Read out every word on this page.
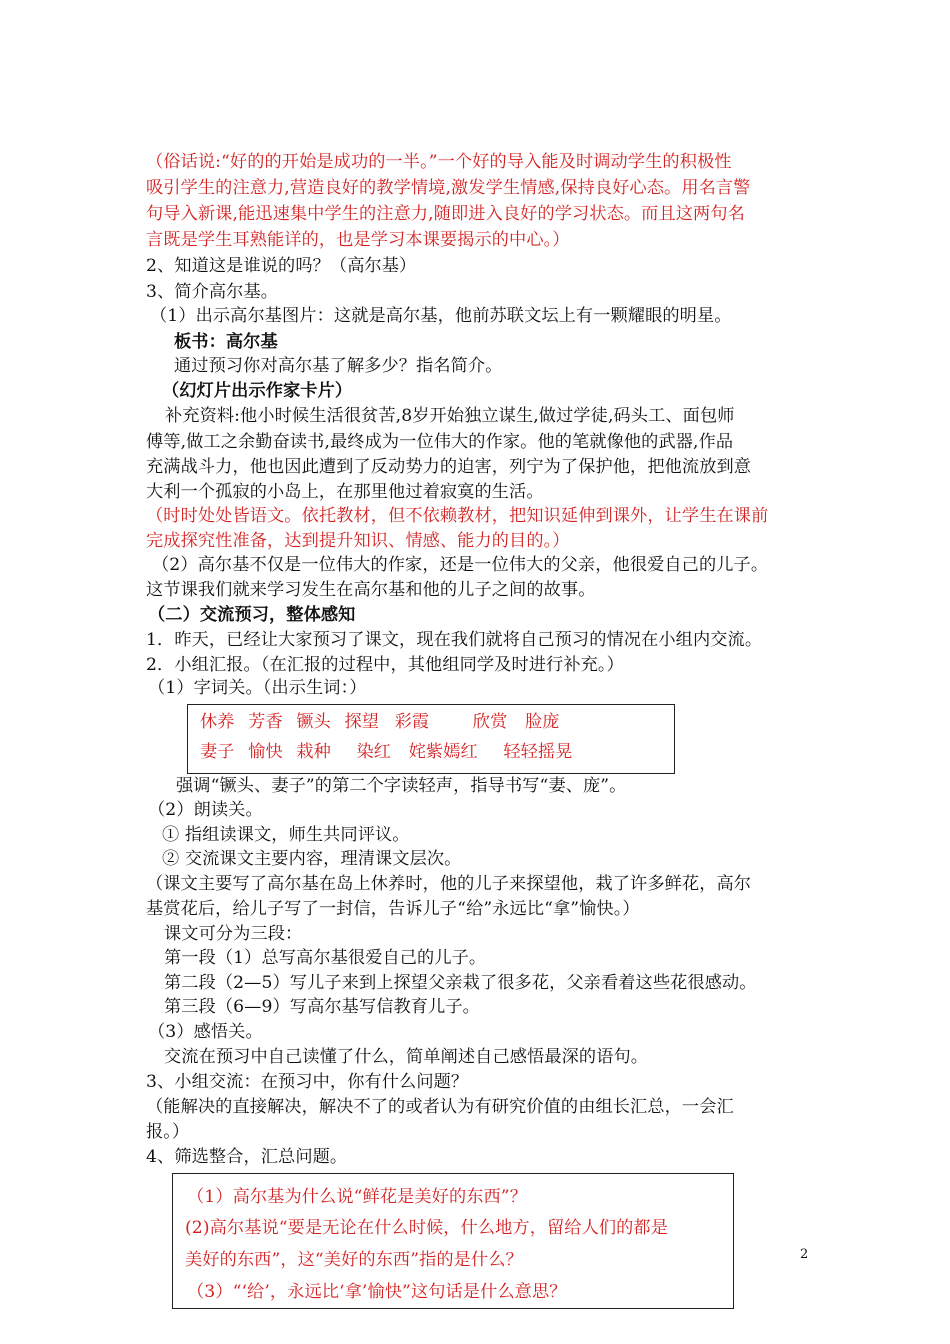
（俗话说:“好的的开始是成功的一半。”一个好的导入能及时调动学生的积极性
吸引学生的注意力,营造良好的教学情境,激发学生情感,保持良好心态。用名言警
句导入新课,能迅速集中学生的注意力,随即进入良好的学习状态。而且这两句名
言既是学生耳熟能详的，也是学习本课要揭示的中心。）
2、知道这是谁说的吗？（高尔基）
3、简介高尔基。
（1）出示高尔基图片：这就是高尔基，他前苏联文坛上有一颗耀眼的明星。
板书：高尔基
通过预习你对高尔基了解多少？指名简介。
（幻灯片出示作家卡片）
补充资料:他小时候生活很贫苦,8岁开始独立谋生,做过学徒,码头工、面包师
傅等,做工之余勤奋读书,最终成为一位伟大的作家。他的笔就像他的武器,作品
充满战斗力，他也因此遭到了反动势力的迫害，列宁为了保护他，把他流放到意
大利一个孤寂的小岛上，在那里他过着寂寞的生活。
（时时处处皆语文。依托教材，但不依赖教材，把知识延伸到课外，让学生在课前
完成探究性准备，达到提升知识、情感、能力的目的。）
（2）高尔基不仅是一位伟大的作家，还是一位伟大的父亲，他很爱自己的儿子。
这节课我们就来学习发生在高尔基和他的儿子之间的故事。
（二）交流预习，整体感知
1．昨天，已经让大家预习了课文，现在我们就将自己预习的情况在小组内交流。
2．小组汇报。（在汇报的过程中，其他组同学及时进行补充。）
（1）字词关。（出示生词：）
强调“镢头、妻子”的第二个字读轻声，指导书写“妻、庞”。
休养 芳香 镢头 探望 彩霞	欣赏 脸庞
妻子 愉快 栽种 染红 姹紫嫣红 轻轻摇晃
（2）朗读关。
① 指组读课文，师生共同评议。
② 交流课文主要内容，理清课文层次。
（课文主要写了高尔基在岛上休养时，他的儿子来探望他，栽了许多鲜花，高尔
基赏花后，给儿子写了一封信，告诉儿子“给”永远比“拿”愉快。）
课文可分为三段：
第一段（1）总写高尔基很爱自己的儿子。
第二段（2—5）写儿子来到上探望父亲栽了很多花，父亲看着这些花很感动。
第三段（6—9）写高尔基写信教育儿子。
（3）感悟关。
交流在预习中自己读懂了什么，简单阐述自己感悟最深的语句。
3、小组交流：在预习中，你有什么问题？
（能解决的直接解决，解决不了的或者认为有研究价值的由组长汇总，一会汇
报。）
4、筛选整合，汇总问题。
（1）高尔基为什么说“鲜花是美好的东西”？
(2)高尔基说“要是无论在什么时候，什么地方，留给人们的都是
美好的东西”，这“美好的东西”指的是什么？
（3）“‘给’，永远比‘拿’愉快”这句话是什么意思？
2
